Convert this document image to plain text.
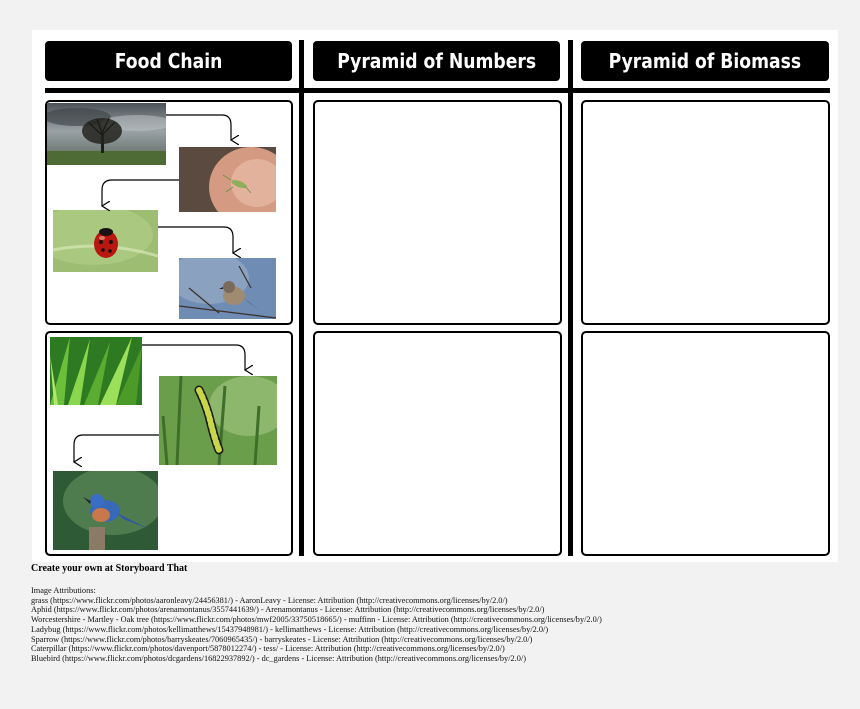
Food Chain	Pyramid of Numbers	Pyramid of Biomass
Create your own at Storyboard That
Image Attributions:
grass (https://www.flickr.com/photos/aaronleavy/24456381/) - AaronLeavy - License: Attribution (http://creativecommons.org/licenses/by/2.0/)
Aphid (https://www.flickr.com/photos/arenamontanus/3557441639/) - Arenamontanus - License: Attribution (http://creativecommons.org/licenses/by/2.0/)
Worcestershire - Martley - Oak tree (https://www.flickr.com/photos/mwf2005/33750518665/) - muffinn - License: Attribution (http://creativecommons.org/licenses/by/2.0/)
Ladybug (https://www.flickr.com/photos/kellimatthews/15437948981/) - kellimatthews - License: Attribution (http://creativecommons.org/licenses/by/2.0/)
Sparrow (https://www.flickr.com/photos/barryskeates/7060965435/) - barryskeates - License: Attribution (http://creativecommons.org/licenses/by/2.0/)
Caterpillar (https://www.flickr.com/photos/davenport/5878012274/) - tess/ - License: Attribution (http://creativecommons.org/licenses/by/2.0/)
Bluebird (https://www.flickr.com/photos/dcgardens/16822937892/) - dc_gardens - License: Attribution (http://creativecommons.org/licenses/by/2.0/)
